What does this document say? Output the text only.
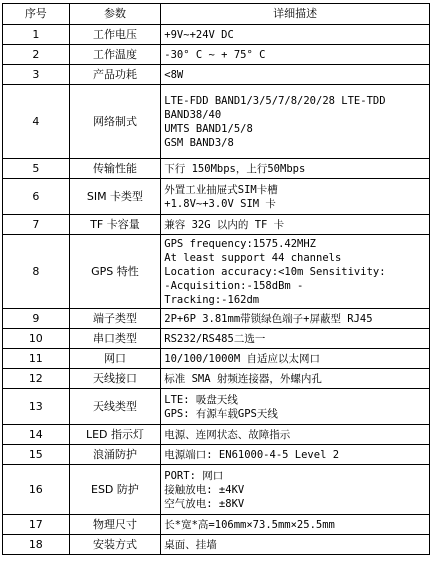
序号	参数	详细描述
1	工作电压	+9V~+24V DC

2	工作温度	-30° C ~ + 75° C

3	产品功耗	<8W

4	网络制式	LTE-FDD BAND1/3/5/7/8/20/28 LTE-TDD
BAND38/40
UMTS BAND1/5/8
GSM BAND3/8

5	传输性能	下行 150Mbps，上行50Mbps

6	SIM 卡类型	外置工业抽屉式SIM卡槽
+1.8V~+3.0V SIM 卡

7	TF 卡容量	兼容 32G 以内的 TF 卡

8	GPS 特性	GPS frequency:1575.42MHZ
At least support 44 channels
Location accuracy:<10m Sensitivity:
-Acquisition:-158dBm -
Tracking:-162dm

9	端子类型	2P+6P 3.81mm带锁绿色端子+屏蔽型 RJ45

10	串口类型	RS232/RS485二选一

11	网口	10/100/1000M 自适应以太网口

12	天线接口	标准 SMA 射频连接器，外螺内孔

13	天线类型	LTE: 吸盘天线
GPS: 有源车载GPS天线

14	LED 指示灯	电源、连网状态、故障指示

15	浪涌防护	电源端口: EN61000-4-5 Level 2

16	ESD 防护	PORT: 网口
接触放电: ±4KV
空气放电: ±8KV

17	物理尺寸	长*宽*高=106mm×73.5mm×25.5mm

18	安装方式	桌面、挂墙
